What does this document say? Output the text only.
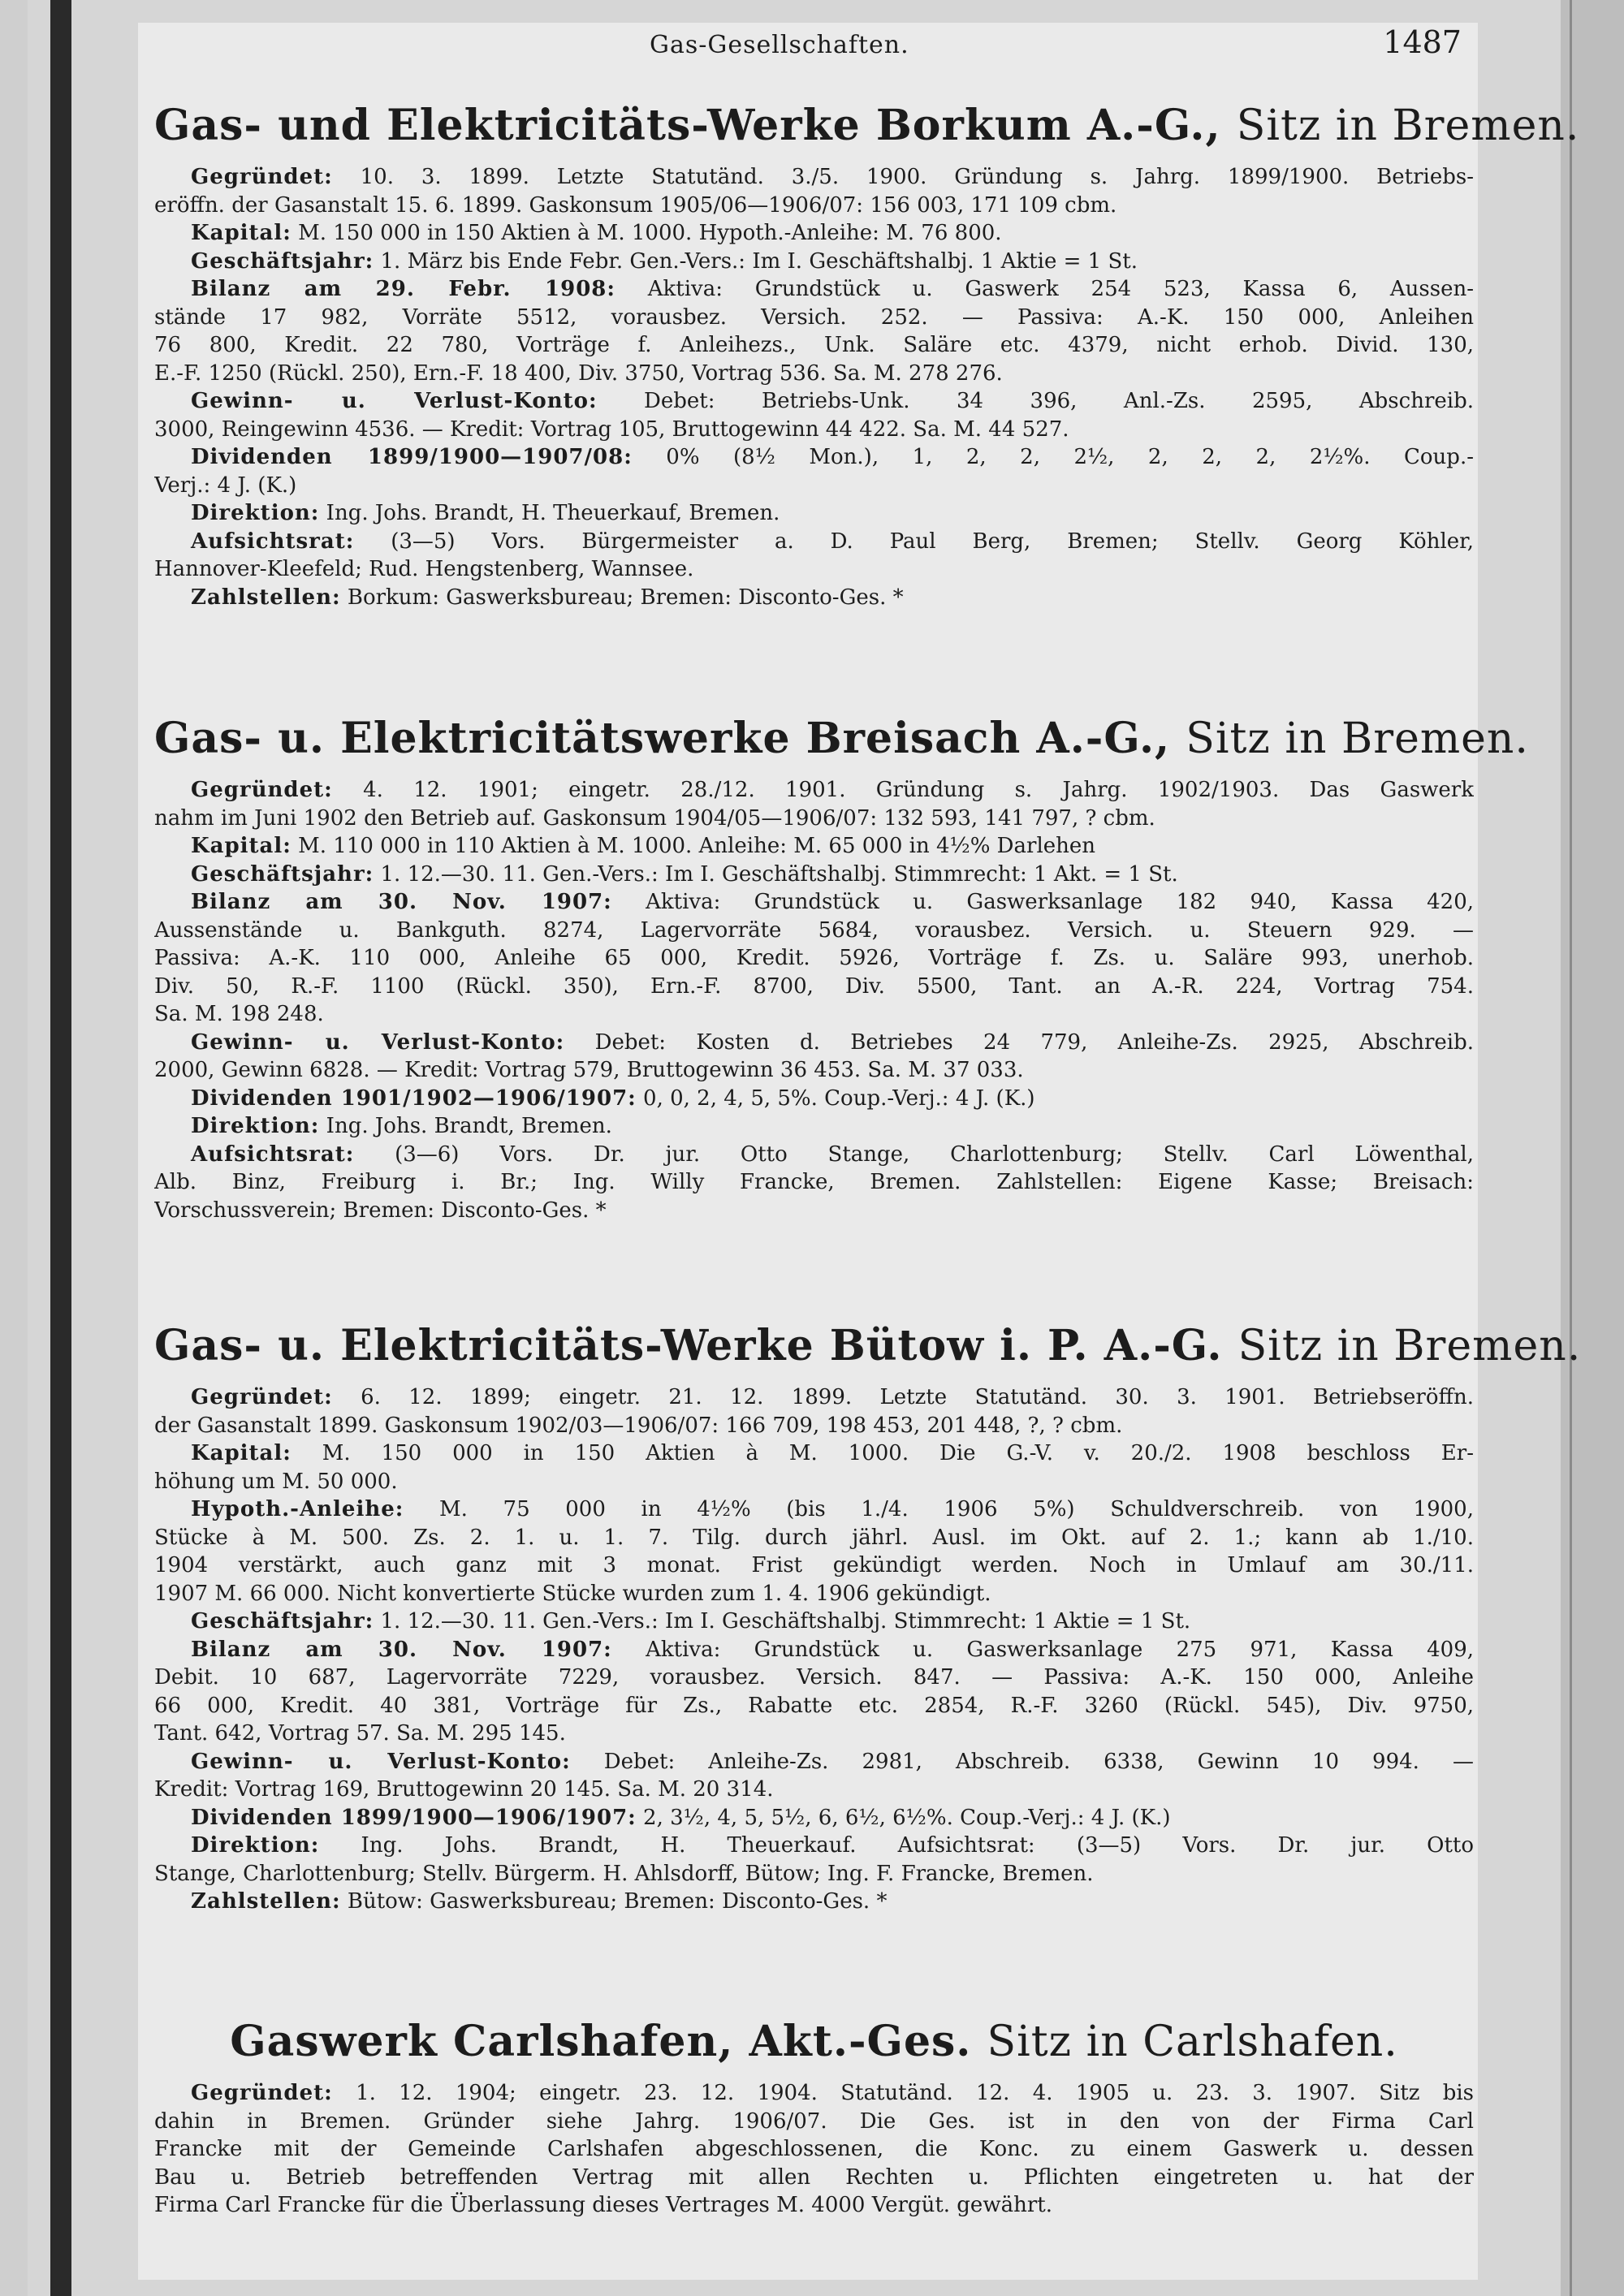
Gas-Gesellschaften.	1487
Gas- und Elektricitäts-Werke Borkum A.-G., Sitz in Bremen.
Gegründet: 10. 3. 1899. Letzte Statutänd. 3./5. 1900. Gründung s. Jahrg. 1899/1900. Betriebs-
eröffn. der Gasanstalt 15. 6. 1899. Gaskonsum 1905/06—1906/07: 156 003, 171 109 cbm.
Kapital: M. 150 000 in 150 Aktien à M. 1000. Hypoth.-Anleihe: M. 76 800.
Geschäftsjahr: 1. März bis Ende Febr. Gen.-Vers.: Im I. Geschäftshalbj. 1 Aktie = 1 St.
Bilanz am 29. Febr. 1908: Aktiva: Grundstück u. Gaswerk 254 523, Kassa 6, Aussen-
stände 17 982, Vorräte 5512, vorausbez. Versich. 252. — Passiva: A.-K. 150 000, Anleihen
76 800, Kredit. 22 780, Vorträge f. Anleihezs., Unk. Saläre etc. 4379, nicht erhob. Divid. 130,
E.-F. 1250 (Rückl. 250), Ern.-F. 18 400, Div. 3750, Vortrag 536. Sa. M. 278 276.
Gewinn- u. Verlust-Konto: Debet: Betriebs-Unk. 34 396, Anl.-Zs. 2595, Abschreib.
3000, Reingewinn 4536. — Kredit: Vortrag 105, Bruttogewinn 44 422. Sa. M. 44 527.
Dividenden 1899/1900—1907/08: 0% (8½ Mon.), 1, 2, 2, 2½, 2, 2, 2, 2½%. Coup.-
Verj.: 4 J. (K.)
Direktion: Ing. Johs. Brandt, H. Theuerkauf, Bremen.
Aufsichtsrat: (3—5) Vors. Bürgermeister a. D. Paul Berg, Bremen; Stellv. Georg Köhler,
Hannover-Kleefeld; Rud. Hengstenberg, Wannsee.
Zahlstellen: Borkum: Gaswerksbureau; Bremen: Disconto-Ges. *
Gas- u. Elektricitätswerke Breisach A.-G., Sitz in Bremen.
Gegründet: 4. 12. 1901; eingetr. 28./12. 1901. Gründung s. Jahrg. 1902/1903. Das Gaswerk
nahm im Juni 1902 den Betrieb auf. Gaskonsum 1904/05—1906/07: 132 593, 141 797, ? cbm.
Kapital: M. 110 000 in 110 Aktien à M. 1000. Anleihe: M. 65 000 in 4½% Darlehen
Geschäftsjahr: 1. 12.—30. 11. Gen.-Vers.: Im I. Geschäftshalbj. Stimmrecht: 1 Akt. = 1 St.
Bilanz am 30. Nov. 1907: Aktiva: Grundstück u. Gaswerksanlage 182 940, Kassa 420,
Aussenstände u. Bankguth. 8274, Lagervorräte 5684, vorausbez. Versich. u. Steuern 929. —
Passiva: A.-K. 110 000, Anleihe 65 000, Kredit. 5926, Vorträge f. Zs. u. Saläre 993, unerhob.
Div. 50, R.-F. 1100 (Rückl. 350), Ern.-F. 8700, Div. 5500, Tant. an A.-R. 224, Vortrag 754.
Sa. M. 198 248.
Gewinn- u. Verlust-Konto: Debet: Kosten d. Betriebes 24 779, Anleihe-Zs. 2925, Abschreib.
2000, Gewinn 6828. — Kredit: Vortrag 579, Bruttogewinn 36 453. Sa. M. 37 033.
Dividenden 1901/1902—1906/1907: 0, 0, 2, 4, 5, 5%. Coup.-Verj.: 4 J. (K.)
Direktion: Ing. Johs. Brandt, Bremen.
Aufsichtsrat: (3—6) Vors. Dr. jur. Otto Stange, Charlottenburg; Stellv. Carl Löwenthal,
Alb. Binz, Freiburg i. Br.; Ing. Willy Francke, Bremen. Zahlstellen: Eigene Kasse; Breisach:
Vorschussverein; Bremen: Disconto-Ges. *
Gas- u. Elektricitäts-Werke Bütow i. P. A.-G. Sitz in Bremen.
Gegründet: 6. 12. 1899; eingetr. 21. 12. 1899. Letzte Statutänd. 30. 3. 1901. Betriebseröffn.
der Gasanstalt 1899. Gaskonsum 1902/03—1906/07: 166 709, 198 453, 201 448, ?, ? cbm.
Kapital: M. 150 000 in 150 Aktien à M. 1000. Die G.-V. v. 20./2. 1908 beschloss Er-
höhung um M. 50 000.
Hypoth.-Anleihe: M. 75 000 in 4½% (bis 1./4. 1906 5%) Schuldverschreib. von 1900,
Stücke à M. 500. Zs. 2. 1. u. 1. 7. Tilg. durch jährl. Ausl. im Okt. auf 2. 1.; kann ab 1./10.
1904 verstärkt, auch ganz mit 3 monat. Frist gekündigt werden. Noch in Umlauf am 30./11.
1907 M. 66 000. Nicht konvertierte Stücke wurden zum 1. 4. 1906 gekündigt.
Geschäftsjahr: 1. 12.—30. 11. Gen.-Vers.: Im I. Geschäftshalbj. Stimmrecht: 1 Aktie = 1 St.
Bilanz am 30. Nov. 1907: Aktiva: Grundstück u. Gaswerksanlage 275 971, Kassa 409,
Debit. 10 687, Lagervorräte 7229, vorausbez. Versich. 847. — Passiva: A.-K. 150 000, Anleihe
66 000, Kredit. 40 381, Vorträge für Zs., Rabatte etc. 2854, R.-F. 3260 (Rückl. 545), Div. 9750,
Tant. 642, Vortrag 57. Sa. M. 295 145.
Gewinn- u. Verlust-Konto: Debet: Anleihe-Zs. 2981, Abschreib. 6338, Gewinn 10 994. —
Kredit: Vortrag 169, Bruttogewinn 20 145. Sa. M. 20 314.
Dividenden 1899/1900—1906/1907: 2, 3½, 4, 5, 5½, 6, 6½, 6½%. Coup.-Verj.: 4 J. (K.)
Direktion: Ing. Johs. Brandt, H. Theuerkauf. Aufsichtsrat: (3—5) Vors. Dr. jur. Otto
Stange, Charlottenburg; Stellv. Bürgerm. H. Ahlsdorff, Bütow; Ing. F. Francke, Bremen.
Zahlstellen: Bütow: Gaswerksbureau; Bremen: Disconto-Ges. *
Gaswerk Carlshafen, Akt.-Ges. Sitz in Carlshafen.
Gegründet: 1. 12. 1904; eingetr. 23. 12. 1904. Statutänd. 12. 4. 1905 u. 23. 3. 1907. Sitz bis
dahin in Bremen. Gründer siehe Jahrg. 1906/07. Die Ges. ist in den von der Firma Carl
Francke mit der Gemeinde Carlshafen abgeschlossenen, die Konc. zu einem Gaswerk u. dessen
Bau u. Betrieb betreffenden Vertrag mit allen Rechten u. Pflichten eingetreten u. hat der
Firma Carl Francke für die Überlassung dieses Vertrages M. 4000 Vergüt. gewährt.
